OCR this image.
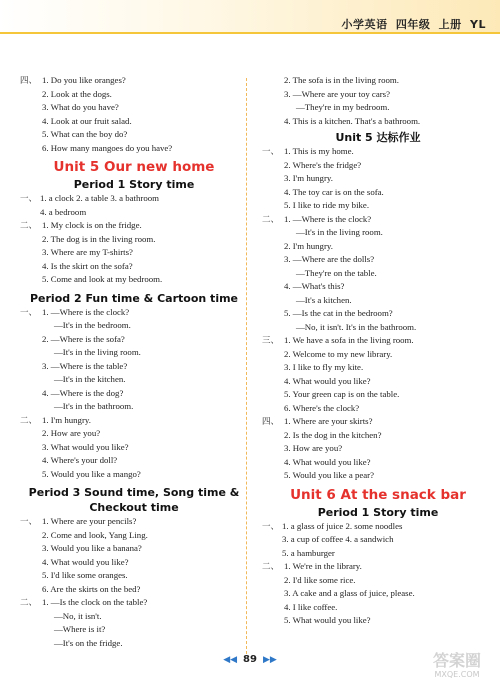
小学英语 四年级 上册 YL
四、 1. Do you like oranges?
2. Look at the dogs.
3. What do you have?
4. Look at our fruit salad.
5. What can the boy do?
6. How many mangoes do you have?
Unit 5 Our new home
Period 1 Story time
一、 1. a clock 2. a table 3. a bathroom
4. a bedroom
二、 1. My clock is on the fridge.
2. The dog is in the living room.
3. Where are my T-shirts?
4. Is the skirt on the sofa?
5. Come and look at my bedroom.
Period 2 Fun time & Cartoon time
一、 1. —Where is the clock?
—It's in the bedroom.
2. —Where is the sofa?
—It's in the living room.
3. —Where is the table?
—It's in the kitchen.
4. —Where is the dog?
—It's in the bathroom.
二、 1. I'm hungry.
2. How are you?
3. What would you like?
4. Where's your doll?
5. Would you like a mango?
Period 3 Sound time, Song time &
Checkout time
一、 1. Where are your pencils?
2. Come and look, Yang Ling.
3. Would you like a banana?
4. What would you like?
5. I'd like some oranges.
6. Are the skirts on the bed?
二、 1. —Is the clock on the table?
—No, it isn't.
—Where is it?
—It's on the fridge.
2. The sofa is in the living room.
3. —Where are your toy cars?
—They're in my bedroom.
4. This is a kitchen. That's a bathroom.
Unit 5 达标作业
一、 1. This is my home.
2. Where's the fridge?
3. I'm hungry.
4. The toy car is on the sofa.
5. I like to ride my bike.
二、 1. —Where is the clock?
—It's in the living room.
2. I'm hungry.
3. —Where are the dolls?
—They're on the table.
4. —What's this?
—It's a kitchen.
5. —Is the cat in the bedroom?
—No, it isn't. It's in the bathroom.
三、 1. We have a sofa in the living room.
2. Welcome to my new library.
3. I like to fly my kite.
4. What would you like?
5. Your green cap is on the table.
6. Where's the clock?
四、 1. Where are your skirts?
2. Is the dog in the kitchen?
3. How are you?
4. What would you like?
5. Would you like a pear?
Unit 6 At the snack bar
Period 1 Story time
一、 1. a glass of juice 2. some noodles
3. a cup of coffee 4. a sandwich
5. a hamburger
二、 1. We're in the library.
2. I'd like some rice.
3. A cake and a glass of juice, please.
4. I like coffee.
5. What would you like?
◀◀ 89 ▶▶	答案圈
MXQE.COM
